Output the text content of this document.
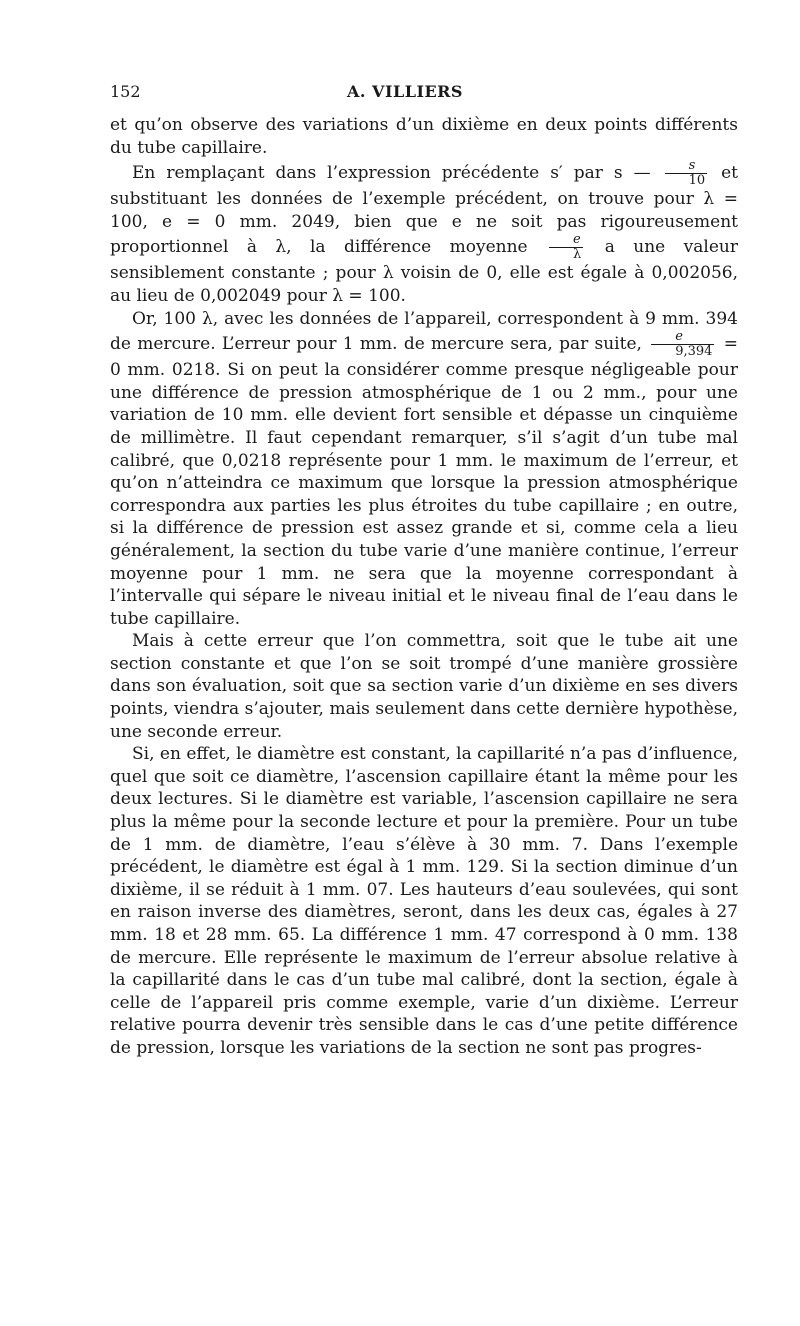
152	A. VILLIERS

et qu’on observe des variations d’un dixième en deux points différents du tube capillaire.

En remplaçant dans l’expression précédente s′ par s — $\frac{s}{10}$ et substituant les données de l’exemple précédent, on trouve pour λ = 100, e = 0 mm. 2049, bien que e ne soit pas rigoureusement proportionnel à λ, la différence moyenne $\frac{e}{\lambda}$ a une valeur sensiblement constante ; pour λ voisin de 0, elle est égale à 0,002056, au lieu de 0,002049 pour λ = 100.

Or, 100 λ, avec les données de l’appareil, correspondent à 9 mm. 394 de mercure. L’erreur pour 1 mm. de mercure sera, par suite, $\frac{e}{9,394} = 0$ mm. 0218. Si on peut la considérer comme presque négligeable pour une différence de pression atmosphérique de 1 ou 2 mm., pour une variation de 10 mm. elle devient fort sensible et dépasse un cinquième de millimètre. Il faut cependant remarquer, s’il s’agit d’un tube mal calibré, que 0,0218 représente pour 1 mm. le maximum de l’erreur, et qu’on n’atteindra ce maximum que lorsque la pression atmosphérique correspondra aux parties les plus étroites du tube capillaire ; en outre, si la différence de pression est assez grande et si, comme cela a lieu généralement, la section du tube varie d’une manière continue, l’erreur moyenne pour 1 mm. ne sera que la moyenne correspondant à l’intervalle qui sépare le niveau initial et le niveau final de l’eau dans le tube capillaire.

Mais à cette erreur que l’on commettra, soit que le tube ait une section constante et que l’on se soit trompé d’une manière grossière dans son évaluation, soit que sa section varie d’un dixième en ses divers points, viendra s’ajouter, mais seulement dans cette dernière hypothèse, une seconde erreur.

Si, en effet, le diamètre est constant, la capillarité n’a pas d’influence, quel que soit ce diamètre, l’ascension capillaire étant la même pour les deux lectures. Si le diamètre est variable, l’ascension capillaire ne sera plus la même pour la seconde lecture et pour la première. Pour un tube de 1 mm. de diamètre, l’eau s’élève à 30 mm. 7. Dans l’exemple précédent, le diamètre est égal à 1 mm. 129. Si la section diminue d’un dixième, il se réduit à 1 mm. 07. Les hauteurs d’eau soulevées, qui sont en raison inverse des diamètres, seront, dans les deux cas, égales à 27 mm. 18 et 28 mm. 65. La différence 1 mm. 47 correspond à 0 mm. 138 de mercure. Elle représente le maximum de l’erreur absolue relative à la capillarité dans le cas d’un tube mal calibré, dont la section, égale à celle de l’appareil pris comme exemple, varie d’un dixième. L’erreur relative pourra devenir très sensible dans le cas d’une petite différence de pression, lorsque les variations de la section ne sont pas progres-
